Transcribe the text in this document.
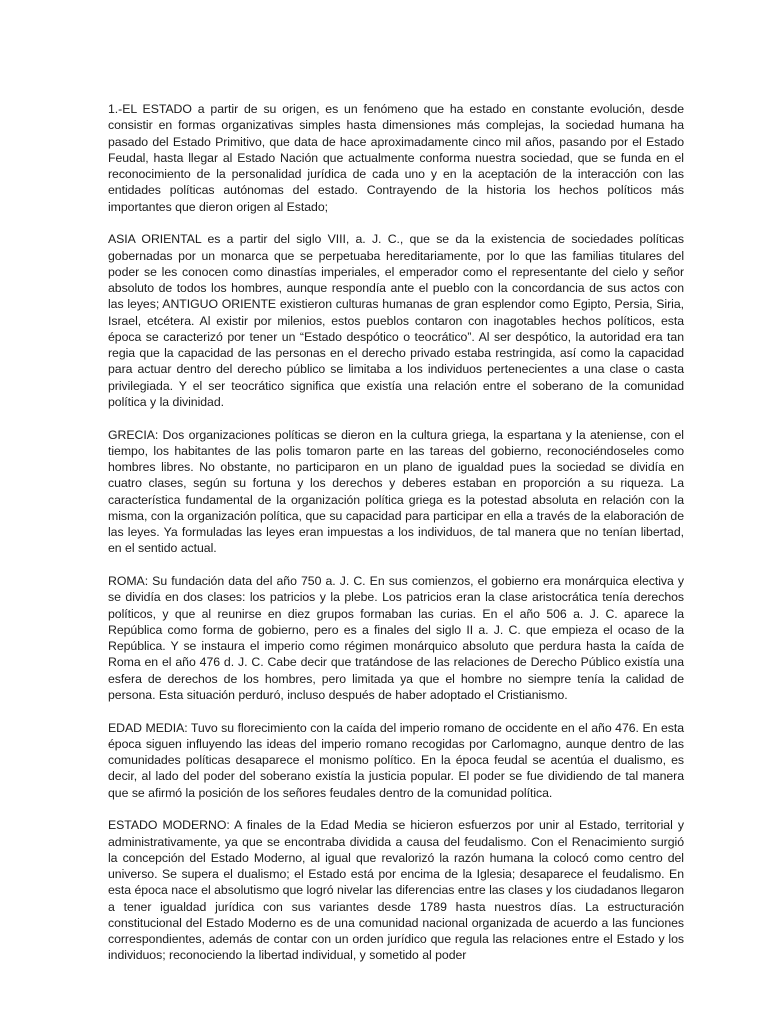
1.-EL ESTADO a partir de su origen, es un fenómeno que ha estado en constante evolución, desde consistir en formas organizativas simples hasta dimensiones más complejas, la sociedad humana ha pasado del Estado Primitivo, que data de hace aproximadamente cinco mil años, pasando por el Estado Feudal, hasta llegar al Estado Nación que actualmente conforma nuestra sociedad, que se funda en el reconocimiento de la personalidad jurídica de cada uno y en la aceptación de la interacción con las entidades políticas autónomas del estado. Contrayendo de la historia los hechos políticos más importantes que dieron origen al Estado;

ASIA ORIENTAL es a partir del siglo VIII, a. J. C., que se da la existencia de sociedades políticas gobernadas por un monarca que se perpetuaba hereditariamente, por lo que las familias titulares del poder se les conocen como dinastías imperiales, el emperador como el representante del cielo y señor absoluto de todos los hombres, aunque respondía ante el pueblo con la concordancia de sus actos con las leyes; ANTIGUO ORIENTE existieron culturas humanas de gran esplendor como Egipto, Persia, Siria, Israel, etcétera. Al existir por milenios, estos pueblos contaron con inagotables hechos políticos, esta época se caracterizó por tener un “Estado despótico o teocrático”. Al ser despótico, la autoridad era tan regia que la capacidad de las personas en el derecho privado estaba restringida, así como la capacidad para actuar dentro del derecho público se limitaba a los individuos pertenecientes a una clase o casta privilegiada. Y el ser teocrático significa que existía una relación entre el soberano de la comunidad política y la divinidad.

GRECIA: Dos organizaciones políticas se dieron en la cultura griega, la espartana y la ateniense, con el tiempo, los habitantes de las polis tomaron parte en las tareas del gobierno, reconociéndoseles como hombres libres. No obstante, no participaron en un plano de igualdad pues la sociedad se dividía en cuatro clases, según su fortuna y los derechos y deberes estaban en proporción a su riqueza. La característica fundamental de la organización política griega es la potestad absoluta en relación con la misma, con la organización política, que su capacidad para participar en ella a través de la elaboración de las leyes. Ya formuladas las leyes eran impuestas a los individuos, de tal manera que no tenían libertad, en el sentido actual.

ROMA: Su fundación data del año 750 a. J. C. En sus comienzos, el gobierno era monárquica electiva y se dividía en dos clases: los patricios y la plebe. Los patricios eran la clase aristocrática tenía derechos políticos, y que al reunirse en diez grupos formaban las curias. En el año 506 a. J. C. aparece la República como forma de gobierno, pero es a finales del siglo II a. J. C. que empieza el ocaso de la República. Y se instaura el imperio como régimen monárquico absoluto que perdura hasta la caída de Roma en el año 476 d. J. C. Cabe decir que tratándose de las relaciones de Derecho Público existía una esfera de derechos de los hombres, pero limitada ya que el hombre no siempre tenía la calidad de persona. Esta situación perduró, incluso después de haber adoptado el Cristianismo.

EDAD MEDIA: Tuvo su florecimiento con la caída del imperio romano de occidente en el año 476. En esta época siguen influyendo las ideas del imperio romano recogidas por Carlomagno, aunque dentro de las comunidades políticas desaparece el monismo político. En la época feudal se acentúa el dualismo, es decir, al lado del poder del soberano existía la justicia popular. El poder se fue dividiendo de tal manera que se afirmó la posición de los señores feudales dentro de la comunidad política.

ESTADO MODERNO: A finales de la Edad Media se hicieron esfuerzos por unir al Estado, territorial y administrativamente, ya que se encontraba dividida a causa del feudalismo. Con el Renacimiento surgió la concepción del Estado Moderno, al igual que revalorizó la razón humana la colocó como centro del universo. Se supera el dualismo; el Estado está por encima de la Iglesia; desaparece el feudalismo. En esta época nace el absolutismo que logró nivelar las diferencias entre las clases y los ciudadanos llegaron a tener igualdad jurídica con sus variantes desde 1789 hasta nuestros días. La estructuración constitucional del Estado Moderno es de una comunidad nacional organizada de acuerdo a las funciones correspondientes, además de contar con un orden jurídico que regula las relaciones entre el Estado y los individuos; reconociendo la libertad individual, y sometido al poder
